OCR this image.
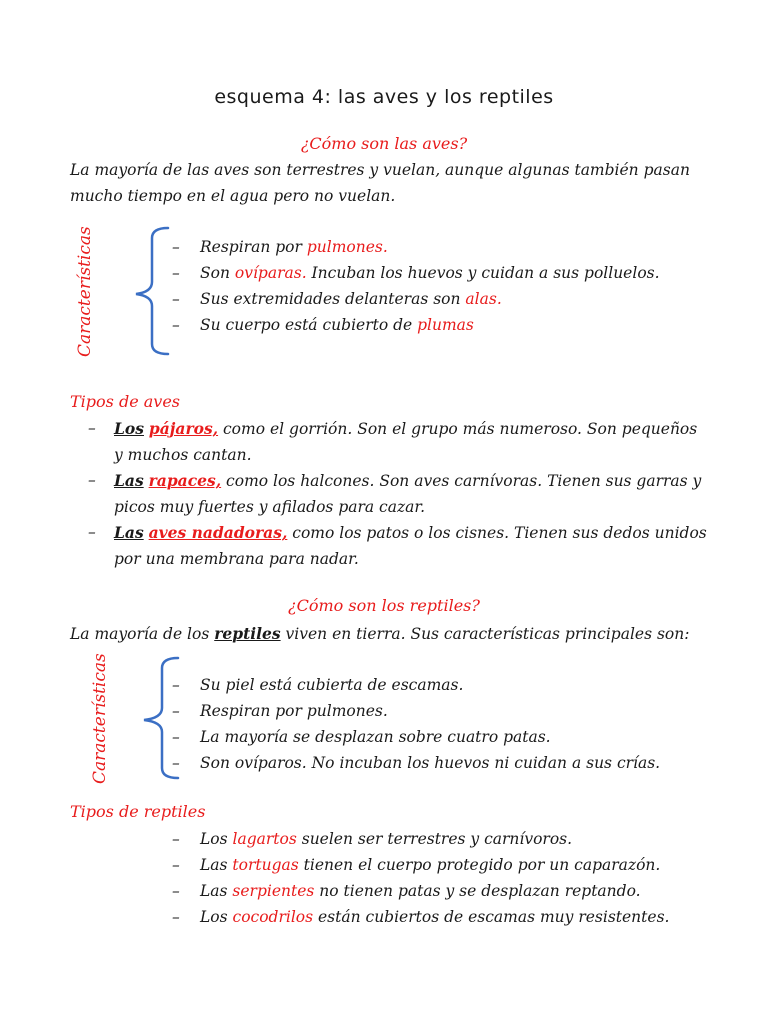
esquema 4: las aves y los reptiles
¿Cómo son las aves?
La mayoría de las aves son terrestres y vuelan, aunque algunas también pasan mucho tiempo en el agua pero no vuelan.
Características	–	Respiran por pulmones.
–	Son ovíparas. Incuban los huevos y cuidan a sus polluelos.
–	Sus extremidades delanteras son alas.
–	Su cuerpo está cubierto de plumas
Tipos de aves
–	Los pájaros, como el gorrión. Son el grupo más numeroso. Son pequeños y muchos cantan.
–	Las rapaces, como los halcones. Son aves carnívoras. Tienen sus garras y picos muy fuertes y afilados para cazar.
–	Las aves nadadoras, como los patos o los cisnes. Tienen sus dedos unidos por una membrana para nadar.
¿Cómo son los reptiles?
La mayoría de los reptiles viven en tierra. Sus características principales son:
Características	–	Su piel está cubierta de escamas.
–	Respiran por pulmones.
–	La mayoría se desplazan sobre cuatro patas.
–	Son ovíparos. No incuban los huevos ni cuidan a sus crías.
Tipos de reptiles
–	Los lagartos suelen ser terrestres y carnívoros.
–	Las tortugas tienen el cuerpo protegido por un caparazón.
–	Las serpientes no tienen patas y se desplazan reptando.
–	Los cocodrilos están cubiertos de escamas muy resistentes.
